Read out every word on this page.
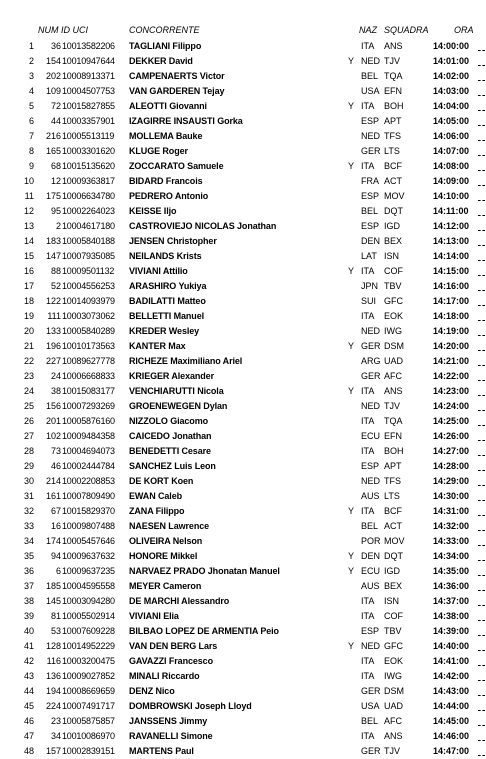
NUM ID UCI	CONCORRENTE	NAZ SQUADRA	ORA
1	36 10013582206 TAGLIANI Filippo	ITA ANS	14:00:00
2	154 10010947644 DEKKER David	Y NED TJV	14:01:00
3	202 10008913371 CAMPENAERTS Victor	BEL TQA	14:02:00
4	109 10004507753 VAN GARDEREN Tejay	USA EFN	14:03:00
5	72 10015827855 ALEOTTI Giovanni	Y ITA BOH	14:04:00
6	44 10003357901 IZAGIRRE INSAUSTI Gorka	ESP APT	14:05:00
7	216 10005513119 MOLLEMA Bauke	NED TFS	14:06:00
8	165 10003301620 KLUGE Roger	GER LTS	14:07:00
9	68 10015135620 ZOCCARATO Samuele	Y ITA BCF	14:08:00
10	12 10009363817 BIDARD Francois	FRA ACT	14:09:00
11	175 10006634780 PEDRERO Antonio	ESP MOV	14:10:00
12	95 10002264023 KEISSE Iljo	BEL DQT	14:11:00
13	2 10004617180 CASTROVIEJO NICOLAS Jonathan	ESP IGD	14:12:00
14	183 10005840188 JENSEN Christopher	DEN BEX	14:13:00
15	147 10007935085 NEILANDS Krists	LAT ISN	14:14:00
16	88 10009501132 VIVIANI Attilio	Y ITA COF	14:15:00
17	52 10004556253 ARASHIRO Yukiya	JPN TBV	14:16:00
18	122 10014093979 BADILATTI Matteo	SUI GFC	14:17:00
19	111 10003073062 BELLETTI Manuel	ITA EOK	14:18:00
20	133 10005840289 KREDER Wesley	NED IWG	14:19:00
21	196 10010173563 KANTER Max	Y GER DSM	14:20:00
22	227 10089627778 RICHEZE Maximiliano Ariel	ARG UAD	14:21:00
23	24 10006668833 KRIEGER Alexander	GER AFC	14:22:00
24	38 10015083177 VENCHIARUTTI Nicola	Y ITA ANS	14:23:00
25	156 10007293269 GROENEWEGEN Dylan	NED TJV	14:24:00
26	201 10005876160 NIZZOLO Giacomo	ITA TQA	14:25:00
27	102 10009484358 CAICEDO Jonathan	ECU EFN	14:26:00
28	73 10004694073 BENEDETTI Cesare	ITA BOH	14:27:00
29	46 10002444784 SANCHEZ Luis Leon	ESP APT	14:28:00
30	214 10002208853 DE KORT Koen	NED TFS	14:29:00
31	161 10007809490 EWAN Caleb	AUS LTS	14:30:00
32	67 10015829370 ZANA Filippo	Y ITA BCF	14:31:00
33	16 10009807488 NAESEN Lawrence	BEL ACT	14:32:00
34	174 10005457646 OLIVEIRA Nelson	POR MOV	14:33:00
35	94 10009637632 HONORE Mikkel	Y DEN DQT	14:34:00
36	6 10009637235 NARVAEZ PRADO Jhonatan Manuel	Y ECU IGD	14:35:00
37	185 10004595558 MEYER Cameron	AUS BEX	14:36:00
38	145 10003094280 DE MARCHI Alessandro	ITA ISN	14:37:00
39	81 10005502914 VIVIANI Elia	ITA COF	14:38:00
40	53 10007609228 BILBAO LOPEZ DE ARMENTIA Peio	ESP TBV	14:39:00
41	128 10014952229 VAN DEN BERG Lars	Y NED GFC	14:40:00
42	116 10003200475 GAVAZZI Francesco	ITA EOK	14:41:00
43	136 10009027852 MINALI Riccardo	ITA IWG	14:42:00
44	194 10008669659 DENZ Nico	GER DSM	14:43:00
45	224 10007491717 DOMBROWSKI Joseph Lloyd	USA UAD	14:44:00
46	23 10005875857 JANSSENS Jimmy	BEL AFC	14:45:00
47	34 10010086970 RAVANELLI Simone	ITA ANS	14:46:00
48	157 10002839151 MARTENS Paul	GER TJV	14:47:00
